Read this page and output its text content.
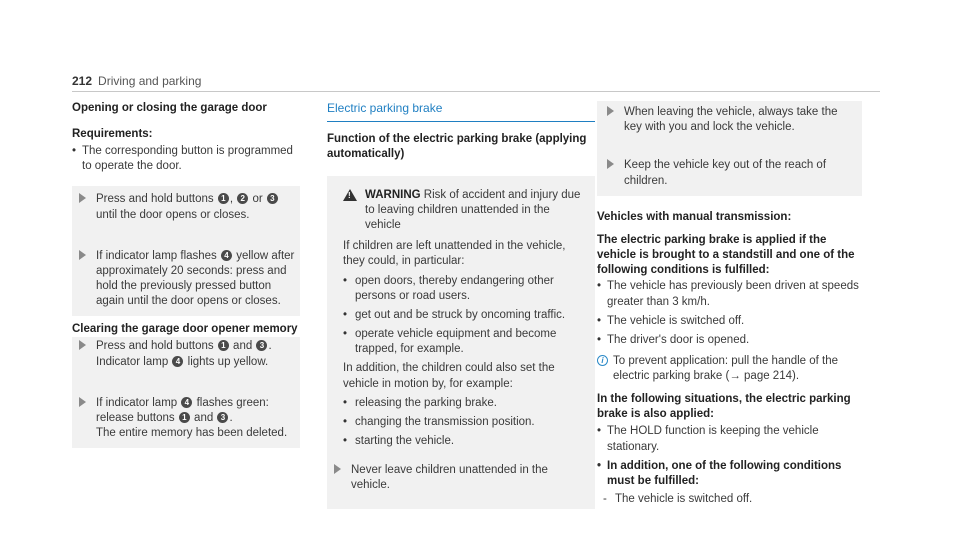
212 Driving and parking
Opening or closing the garage door
Requirements:
• The corresponding button is programmed to operate the door.
Press and hold buttons 1 , 2 or 3 until the door opens or closes.
If indicator lamp flashes 4 yellow after approximately 20 seconds: press and hold the previously pressed button again until the door opens or closes.
Clearing the garage door opener memory
Press and hold buttons 1 and 3 .
Indicator lamp 4 lights up yellow.
If indicator lamp 4 flashes green: release buttons 1 and 3 .
The entire memory has been deleted.
Electric parking brake
Function of the electric parking brake (applying automatically)
! WARNING Risk of accident and injury due to leaving children unattended in the vehicle

If children are left unattended in the vehicle, they could, in particular:

• open doors, thereby endangering other persons or road users.
• get out and be struck by oncoming traffic.
• operate vehicle equipment and become trapped, for example.

In addition, the children could also set the vehicle in motion by, for example:

• releasing the parking brake.
• changing the transmission position.
• starting the vehicle.
Never leave children unattended in the vehicle.
When leaving the vehicle, always take the key with you and lock the vehicle.
Keep the vehicle key out of the reach of children.
Vehicles with manual transmission:
The electric parking brake is applied if the vehicle is brought to a standstill and one of the following conditions is fulfilled:
• The vehicle has previously been driven at speeds greater than 3 km/h.
• The vehicle is switched off.
• The driver's door is opened.
i To prevent application: pull the handle of the electric parking brake (→ page 214).
In the following situations, the electric parking brake is also applied:
• The HOLD function is keeping the vehicle stationary.
• In addition, one of the following conditions must be fulfilled:
- The vehicle is switched off.
